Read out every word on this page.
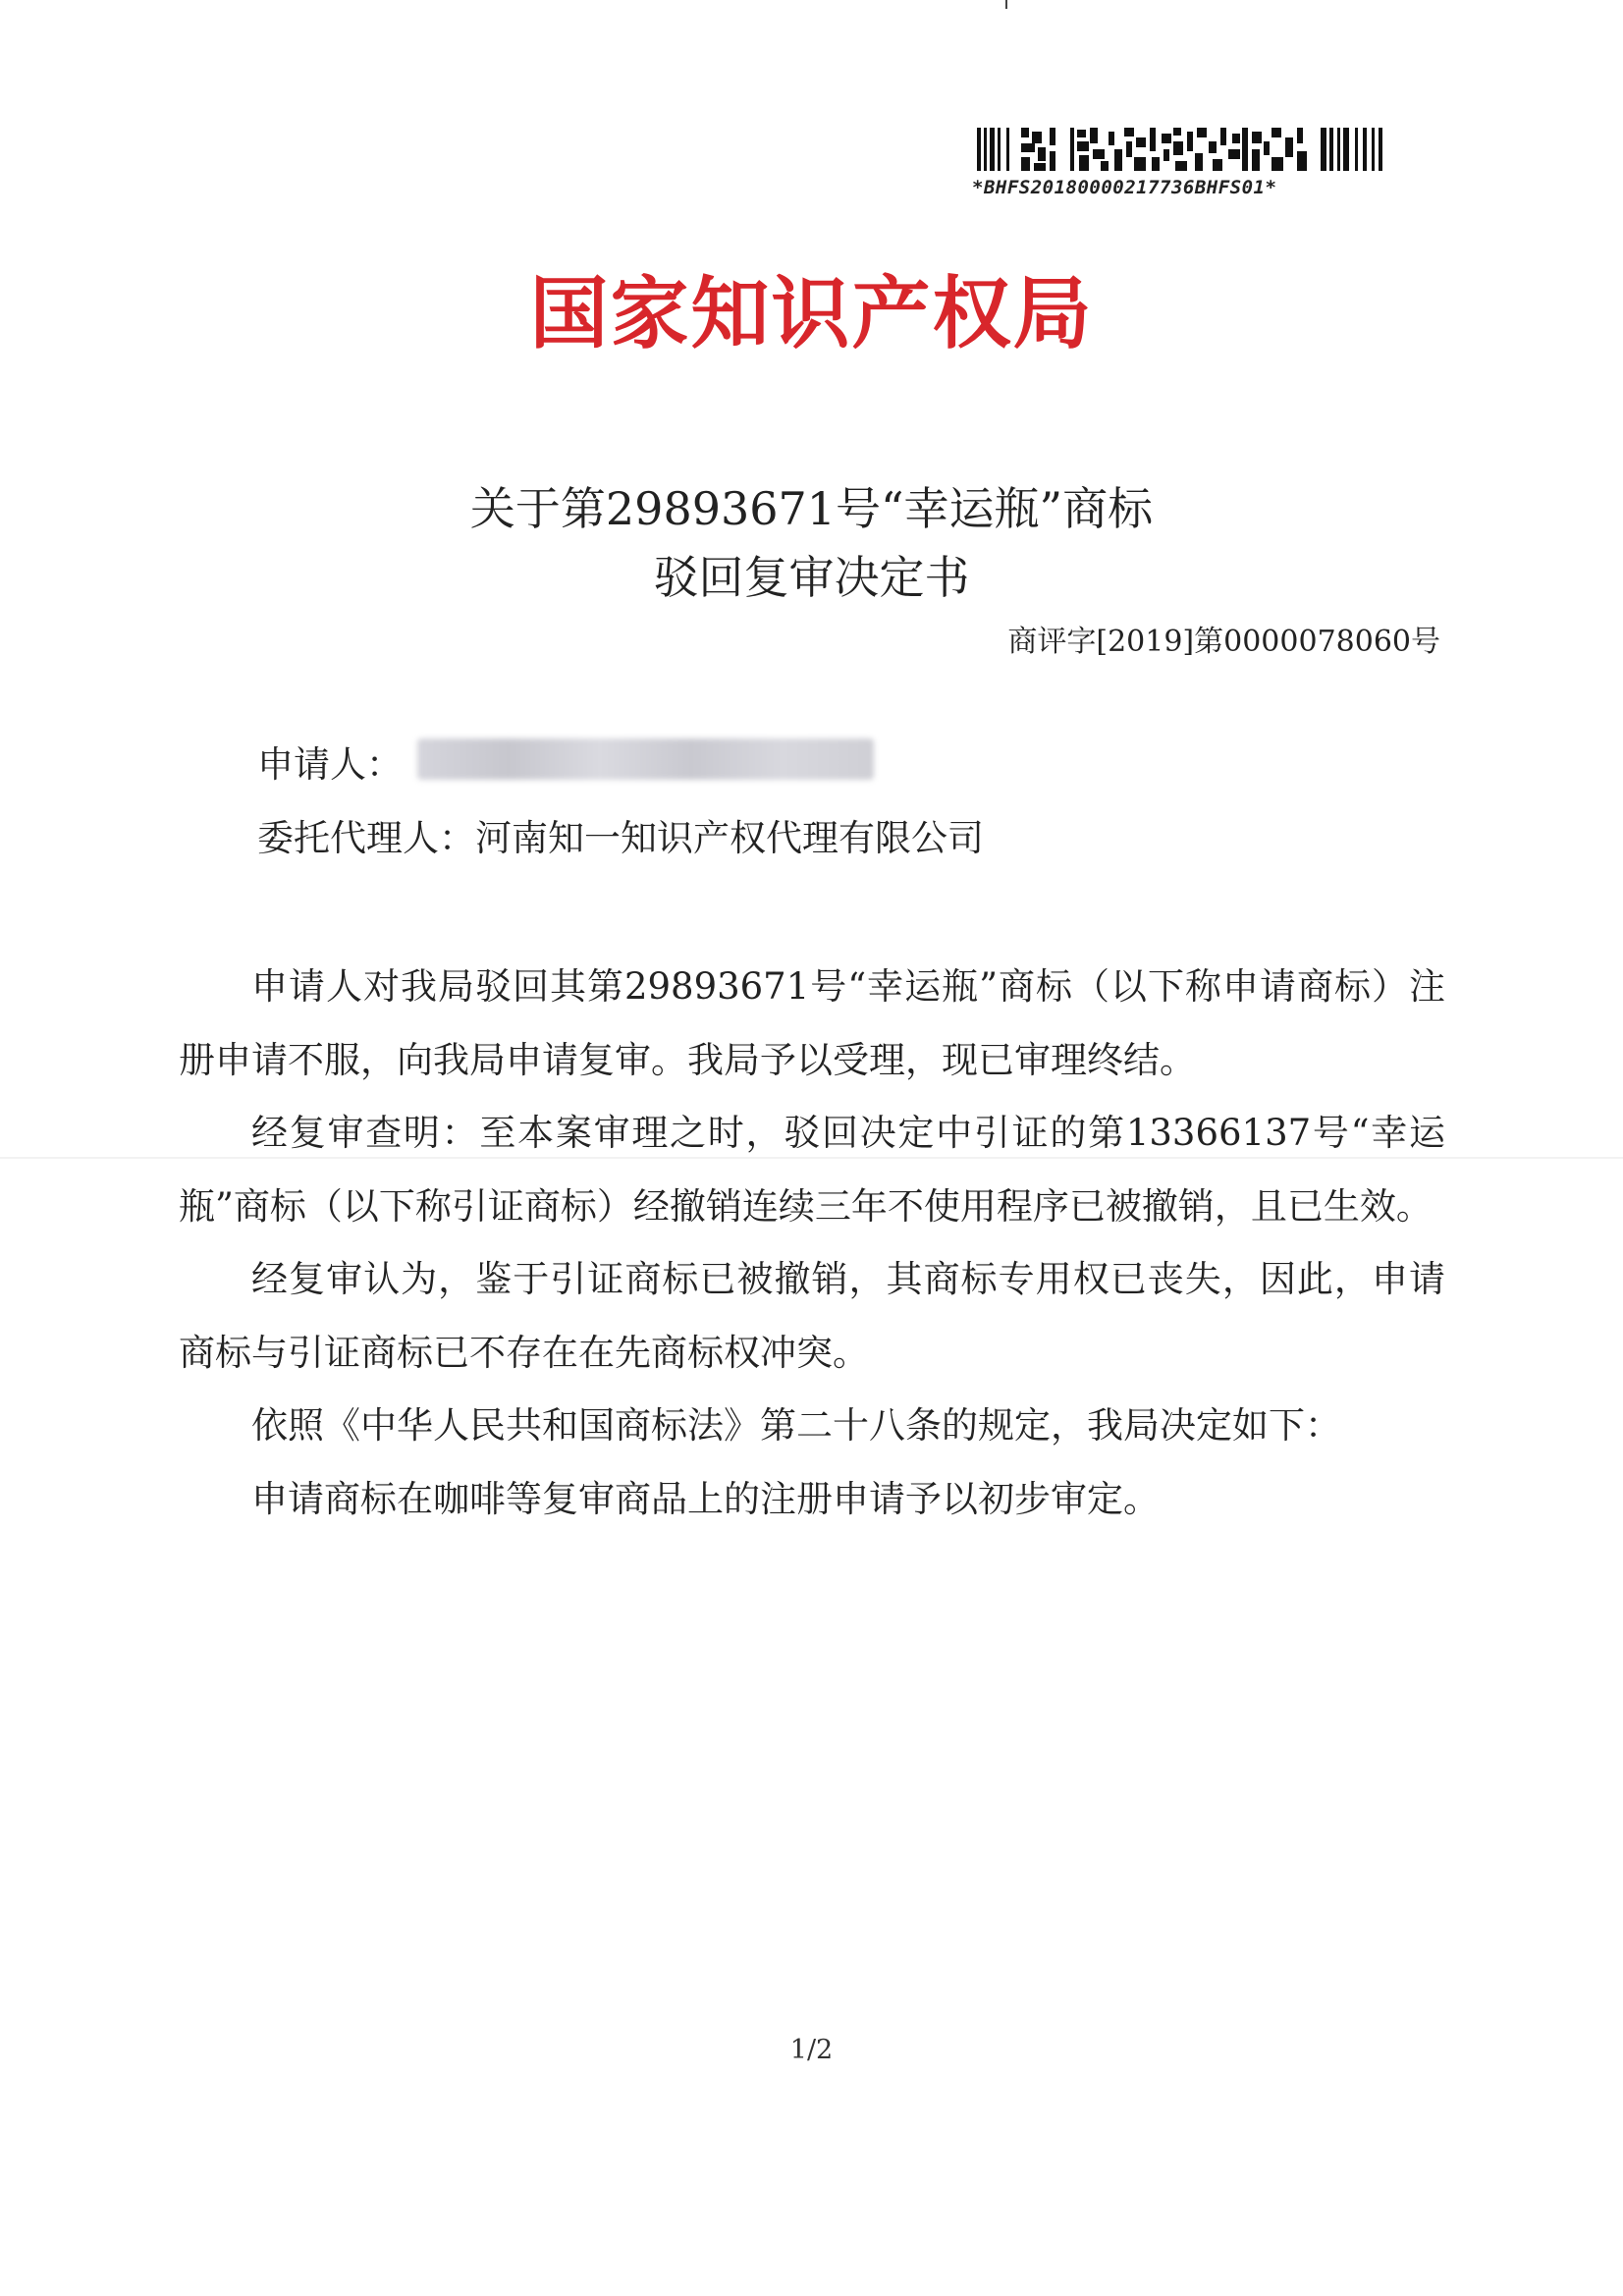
*BHFS20180000217736BHFS01*
国家知识产权局
关于第29893671号“幸运瓶”商标
驳回复审决定书
商评字[2019]第0000078060号
申请人：
委托代理人：河南知一知识产权代理有限公司

申请人对我局驳回其第29893671号“幸运瓶”商标（以下称申请商标）注册申请不服，向我局申请复审。我局予以受理，现已审理终结。

经复审查明：至本案审理之时，驳回决定中引证的第13366137号“幸运瓶”商标（以下称引证商标）经撤销连续三年不使用程序已被撤销，且已生效。

经复审认为，鉴于引证商标已被撤销，其商标专用权已丧失，因此，申请商标与引证商标已不存在在先商标权冲突。

依照《中华人民共和国商标法》第二十八条的规定，我局决定如下：

申请商标在咖啡等复审商品上的注册申请予以初步审定。

1/2
